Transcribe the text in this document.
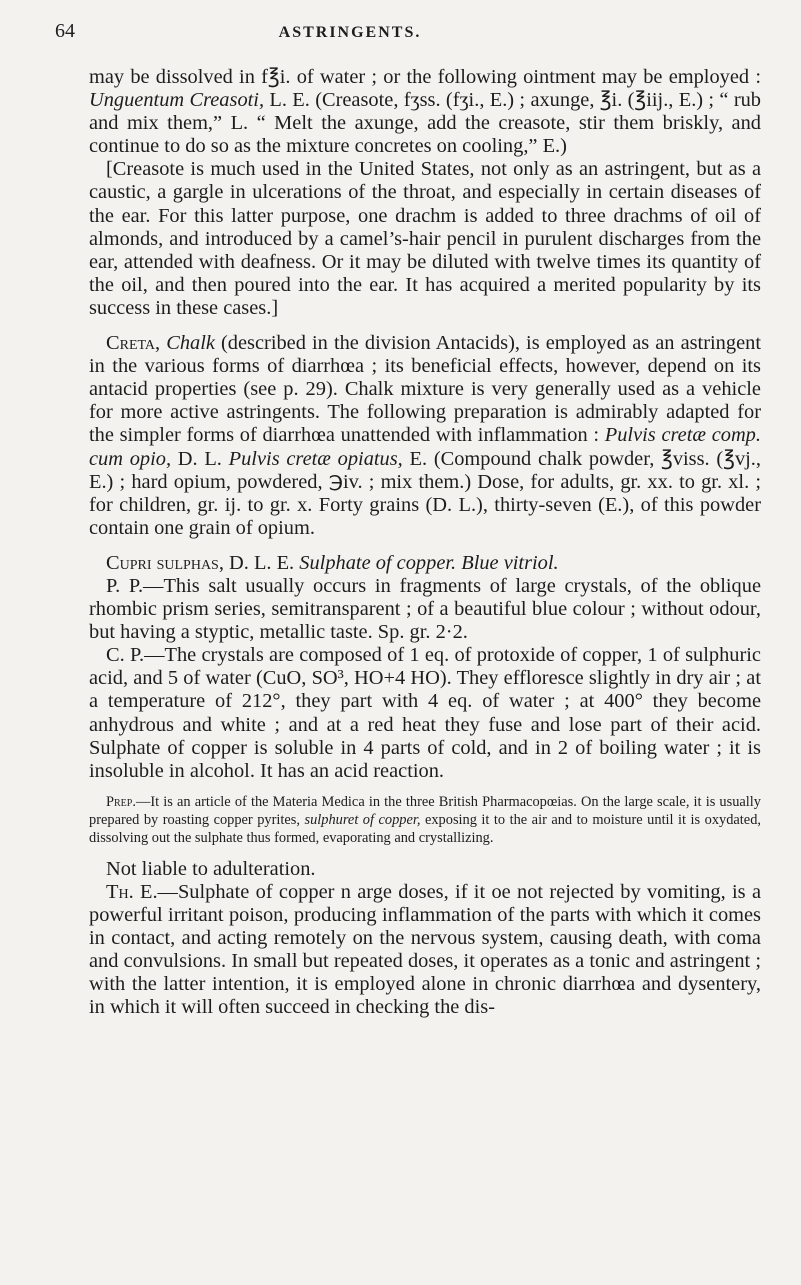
64	ASTRINGENTS.

may be dissolved in f℥i. of water ; or the following ointment may be employed : Unguentum Creasoti, L. E. (Creasote, fʒss. (fʒi., E.) ; axunge, ℥i. (℥iij., E.) ; “ rub and mix them,” L. “ Melt the axunge, add the creasote, stir them briskly, and continue to do so as the mixture concretes on cooling,” E.)

[Creasote is much used in the United States, not only as an astringent, but as a caustic, a gargle in ulcerations of the throat, and especially in certain diseases of the ear. For this latter purpose, one drachm is added to three drachms of oil of almonds, and introduced by a camel’s-hair pencil in purulent discharges from the ear, attended with deafness. Or it may be diluted with twelve times its quantity of the oil, and then poured into the ear. It has acquired a merited popularity by its success in these cases.]

Creta, Chalk (described in the division Antacids), is employed as an astringent in the various forms of diarrhœa ; its beneficial effects, however, depend on its antacid properties (see p. 29). Chalk mixture is very generally used as a vehicle for more active astringents. The following preparation is admirably adapted for the simpler forms of diarrhœa unattended with inflammation : Pulvis cretæ comp. cum opio, D. L. Pulvis cretæ opiatus, E. (Compound chalk powder, ℥viss. (℥vj., E.) ; hard opium, powdered, ℈iv. ; mix them.) Dose, for adults, gr. xx. to gr. xl. ; for children, gr. ij. to gr. x. Forty grains (D. L.), thirty-seven (E.), of this powder contain one grain of opium.

Cupri sulphas, D. L. E. Sulphate of copper. Blue vitriol.

P. P.—This salt usually occurs in fragments of large crystals, of the oblique rhombic prism series, semitransparent ; of a beautiful blue colour ; without odour, but having a styptic, metallic taste. Sp. gr. 2·2.

C. P.—The crystals are composed of 1 eq. of protoxide of copper, 1 of sulphuric acid, and 5 of water (CuO, SO³, HO+4 HO). They effloresce slightly in dry air ; at a temperature of 212°, they part with 4 eq. of water ; at 400° they become anhydrous and white ; and at a red heat they fuse and lose part of their acid. Sulphate of copper is soluble in 4 parts of cold, and in 2 of boiling water ; it is insoluble in alcohol. It has an acid reaction.

Prep.—It is an article of the Materia Medica in the three British Pharmacopœias. On the large scale, it is usually prepared by roasting copper pyrites, sulphuret of copper, exposing it to the air and to moisture until it is oxydated, dissolving out the sulphate thus formed, evaporating and crystallizing.

Not liable to adulteration.

Th. E.—Sulphate of copper n arge doses, if it oe not rejected by vomiting, is a powerful irritant poison, producing inflammation of the parts with which it comes in contact, and acting remotely on the nervous system, causing death, with coma and convulsions. In small but repeated doses, it operates as a tonic and astringent ; with the latter intention, it is employed alone in chronic diarrhœa and dysentery, in which it will often succeed in checking the dis-
